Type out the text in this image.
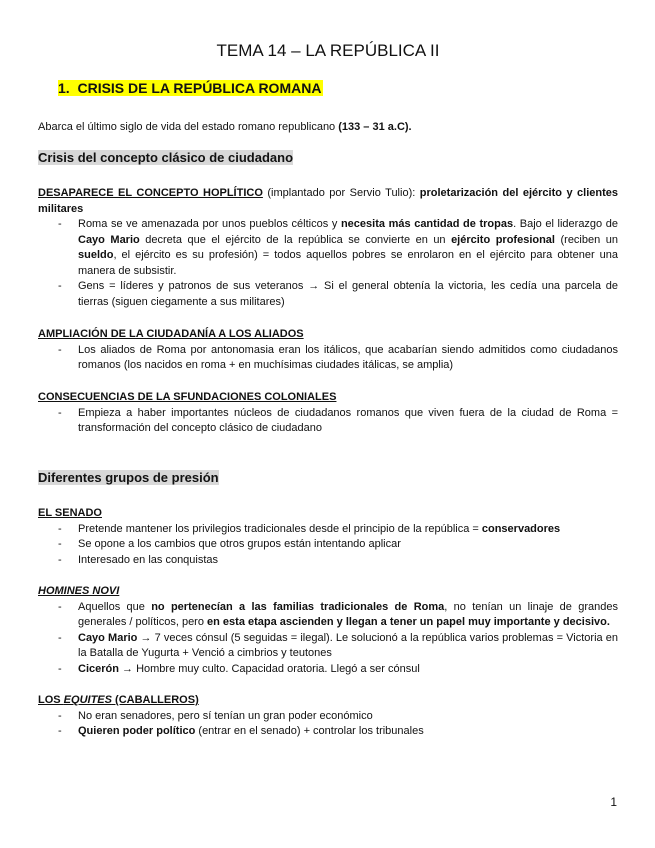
TEMA 14 – LA REPÚBLICA II
1. CRISIS DE LA REPÚBLICA ROMANA
Abarca el último siglo de vida del estado romano republicano (133 – 31 a.C).
Crisis del concepto clásico de ciudadano
DESAPARECE EL CONCEPTO HOPLÍTICO (implantado por Servio Tulio): proletarización del ejército y clientes militares
- Roma se ve amenazada por unos pueblos célticos y necesita más cantidad de tropas. Bajo el liderazgo de Cayo Mario decreta que el ejército de la república se convierte en un ejército profesional (reciben un sueldo, el ejército es su profesión) = todos aquellos pobres se enrolaron en el ejército para obtener una manera de subsistir.
- Gens = líderes y patronos de sus veteranos → Si el general obtenía la victoria, les cedía una parcela de tierras (siguen ciegamente a sus militares)
AMPLIACIÓN DE LA CIUDADANÍA A LOS ALIADOS
- Los aliados de Roma por antonomasia eran los itálicos, que acabarían siendo admitidos como ciudadanos romanos (los nacidos en roma + en muchísimas ciudades itálicas, se amplia)
CONSECUENCIAS DE LA SFUNDACIONES COLONIALES
- Empieza a haber importantes núcleos de ciudadanos romanos que viven fuera de la ciudad de Roma = transformación del concepto clásico de ciudadano
Diferentes grupos de presión
EL SENADO
- Pretende mantener los privilegios tradicionales desde el principio de la república = conservadores
- Se opone a los cambios que otros grupos están intentando aplicar
- Interesado en las conquistas
HOMINES NOVI
- Aquellos que no pertenecían a las familias tradicionales de Roma, no tenían un linaje de grandes generales / políticos, pero en esta etapa ascienden y llegan a tener un papel muy importante y decisivo.
- Cayo Mario → 7 veces cónsul (5 seguidas = ilegal). Le solucionó a la república varios problemas = Victoria en la Batalla de Yugurta + Venció a cimbrios y teutones
- Cicerón → Hombre muy culto. Capacidad oratoria. Llegó a ser cónsul
LOS EQUITES (CABALLEROS)
- No eran senadores, pero sí tenían un gran poder económico
- Quieren poder político (entrar en el senado) + controlar los tribunales
1
